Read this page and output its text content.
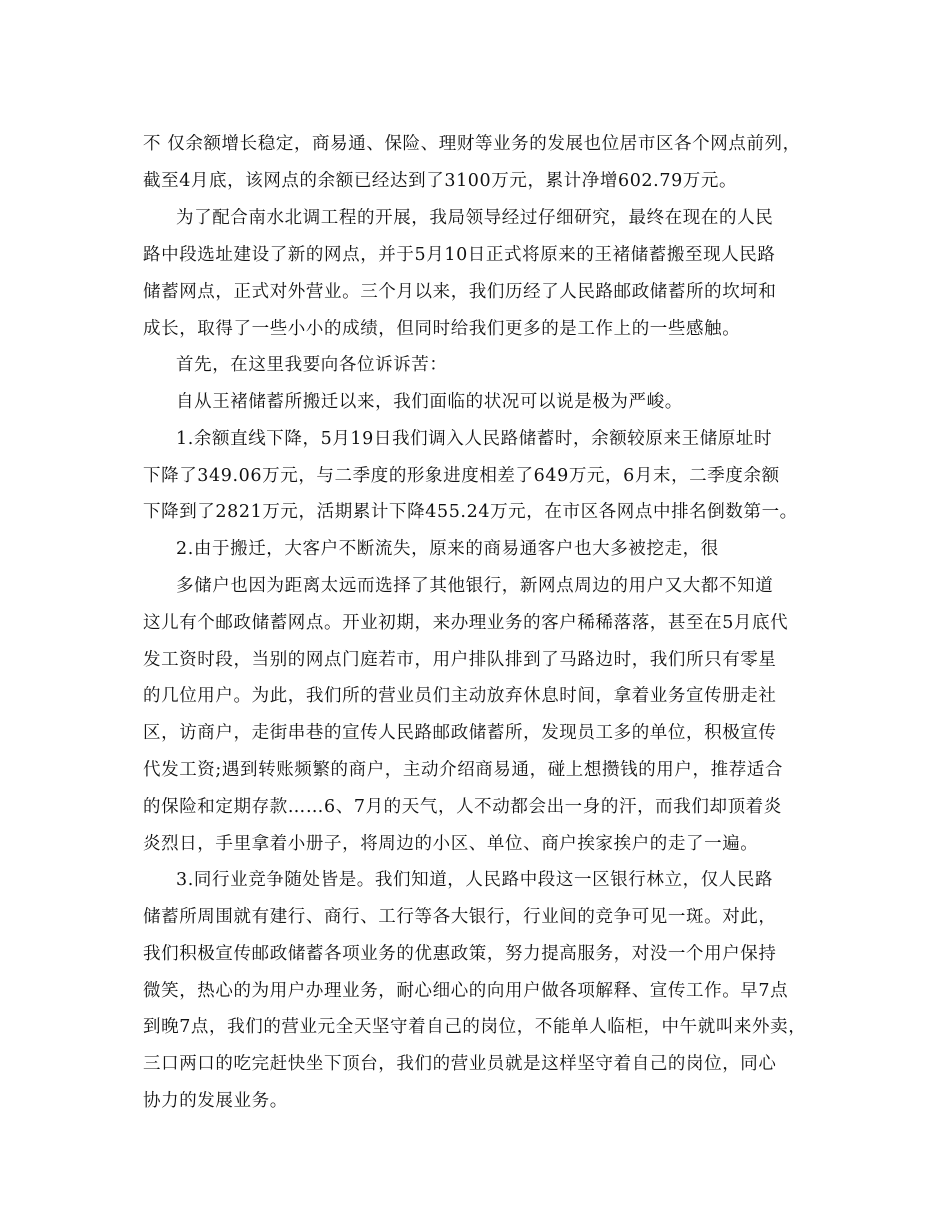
不 仅余额增长稳定，商易通、保险、理财等业务的发展也位居市区各个网点前列，
截至4月底，该网点的余额已经达到了3100万元，累计净增602.79万元。
为了配合南水北调工程的开展，我局领导经过仔细研究，最终在现在的人民
路中段选址建设了新的网点，并于5月10日正式将原来的王褚储蓄搬至现人民路
储蓄网点，正式对外营业。三个月以来，我们历经了人民路邮政储蓄所的坎坷和
成长，取得了一些小小的成绩，但同时给我们更多的是工作上的一些感触。
首先，在这里我要向各位诉诉苦：
自从王褚储蓄所搬迁以来，我们面临的状况可以说是极为严峻。
1.余额直线下降，5月19日我们调入人民路储蓄时，余额较原来王储原址时
下降了349.06万元，与二季度的形象进度相差了649万元，6月末，二季度余额
下降到了2821万元，活期累计下降455.24万元，在市区各网点中排名倒数第一。
2.由于搬迁，大客户不断流失，原来的商易通客户也大多被挖走，很
多储户也因为距离太远而选择了其他银行，新网点周边的用户又大都不知道
这儿有个邮政储蓄网点。开业初期，来办理业务的客户稀稀落落，甚至在5月底代
发工资时段，当别的网点门庭若市，用户排队排到了马路边时，我们所只有零星
的几位用户。为此，我们所的营业员们主动放弃休息时间，拿着业务宣传册走社
区，访商户，走街串巷的宣传人民路邮政储蓄所，发现员工多的单位，积极宣传
代发工资;遇到转账频繁的商户，主动介绍商易通，碰上想攒钱的用户，推荐适合
的保险和定期存款……6、7月的天气，人不动都会出一身的汗，而我们却顶着炎
炎烈日，手里拿着小册子，将周边的小区、单位、商户挨家挨户的走了一遍。
3.同行业竞争随处皆是。我们知道，人民路中段这一区银行林立，仅人民路
储蓄所周围就有建行、商行、工行等各大银行，行业间的竞争可见一斑。对此，
我们积极宣传邮政储蓄各项业务的优惠政策，努力提高服务，对没一个用户保持
微笑，热心的为用户办理业务，耐心细心的向用户做各项解释、宣传工作。早7点
到晚7点，我们的营业元全天坚守着自己的岗位，不能单人临柜，中午就叫来外卖，
三口两口的吃完赶快坐下顶台，我们的营业员就是这样坚守着自己的岗位，同心
协力的发展业务。
